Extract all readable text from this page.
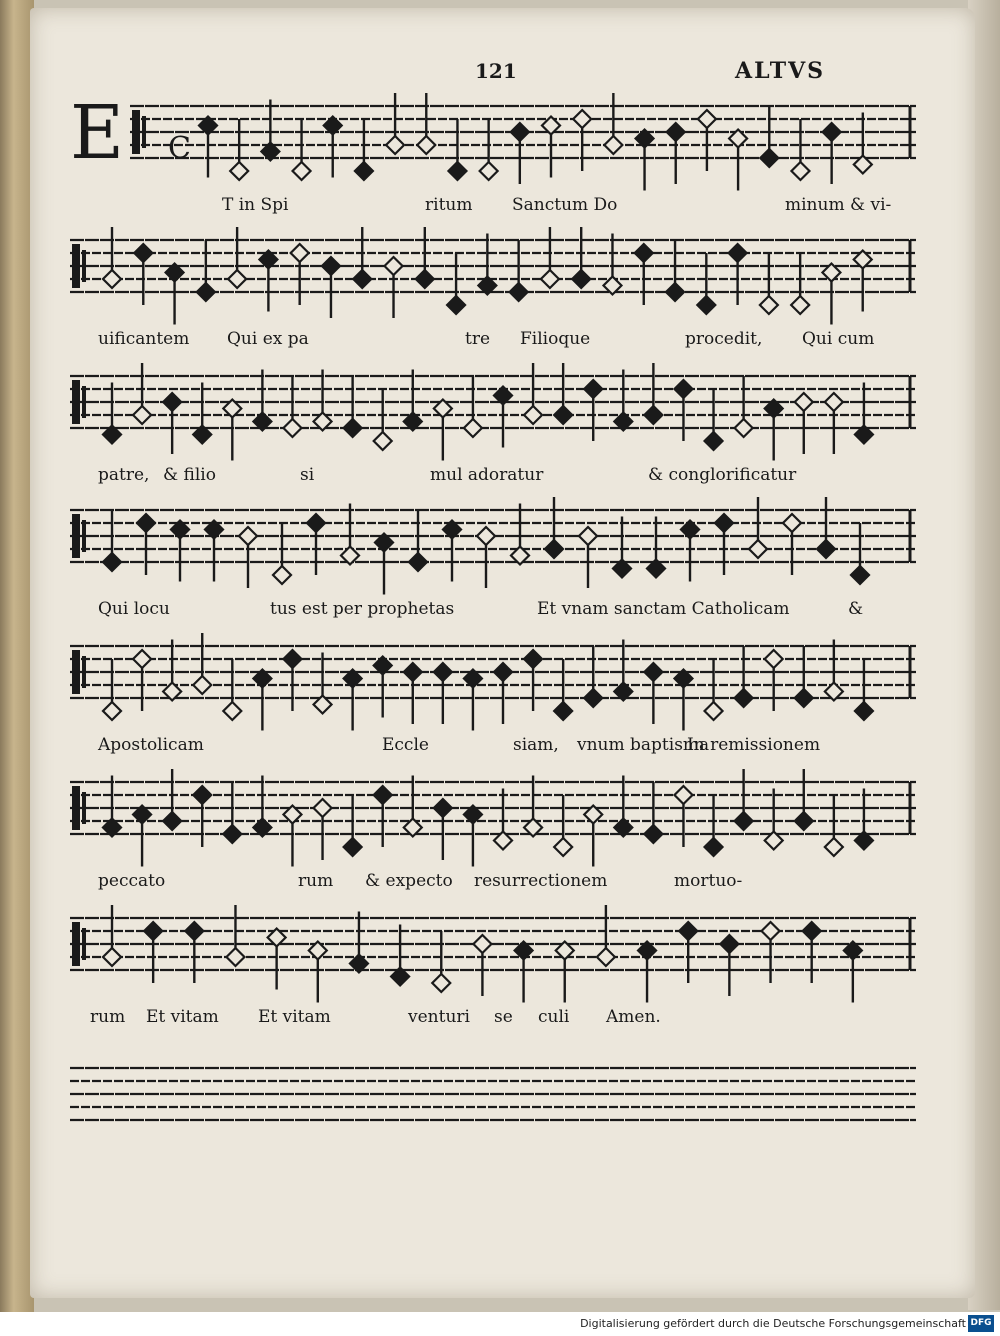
121	ALTVS
E C
T in Spi	ritum Sanctum Do	minum & vi-
uificantem Qui ex pa	tre Filioque	procedit, Qui cum
patre, & filio	si	mul adoratur	& conglorificatur
Qui locu	tus est per prophetas	Et vnam sanctam Catholicam	&
Apostolicam	Eccle	siam, vnum baptisma
In remissionem
peccato	rum & expecto resurrectionem	mortuo-
rum Et vitam Et vitam	venturi se culi Amen.
Digitalisierung gefördert durch die Deutsche Forschungsgemeinschaft DFG
